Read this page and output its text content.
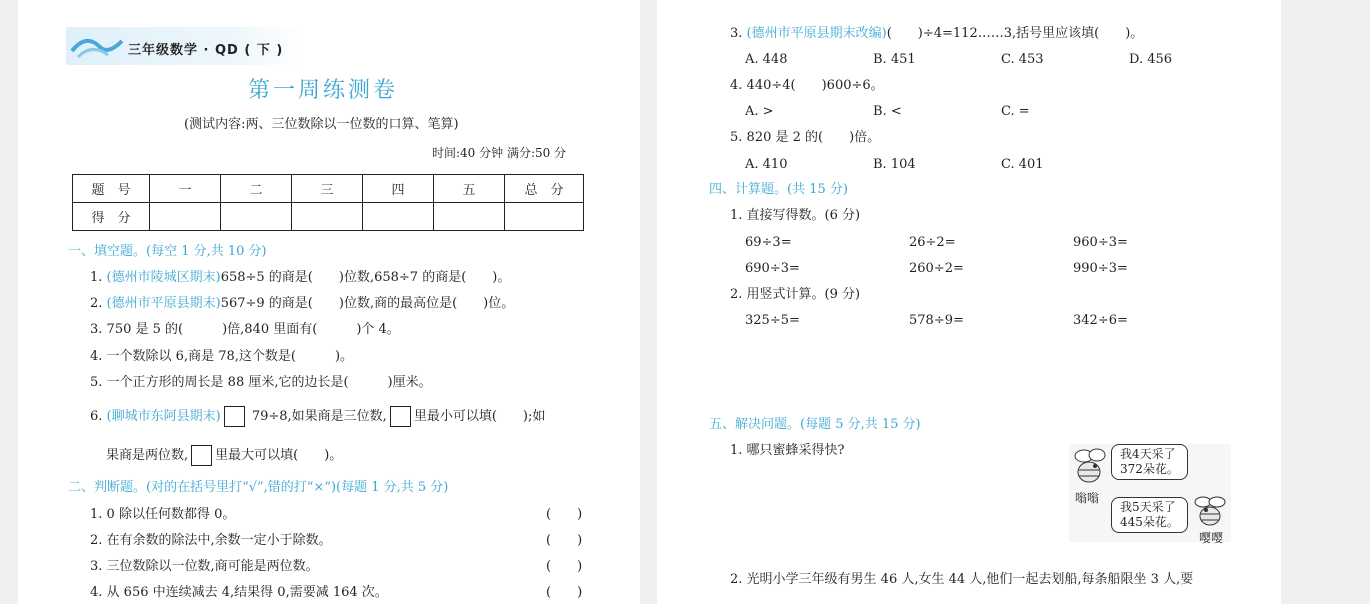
三年级数学 · QD ( 下 )
第一周练测卷
(测试内容:两、三位数除以一位数的口算、笔算)
时间:40 分钟 满分:50 分
题　号	一	二	三	四	五	总　分
得　分						
一、填空题。(每空 1 分,共 10 分)
1. (德州市陵城区期末)658÷5 的商是(　　)位数,658÷7 的商是(　　)。
2. (德州市平原县期末)567÷9 的商是(　　)位数,商的最高位是(　　)位。
3. 750 是 5 的(　　　)倍,840 里面有(　　　)个 4。
4. 一个数除以 6,商是 78,这个数是(　　　)。
5. 一个正方形的周长是 88 厘米,它的边长是(　　　)厘米。
6. (聊城市东阿县期末) 79÷8,如果商是三位数, 里最小可以填(　　);如
果商是两位数, 里最大可以填(　　)。
二、判断题。(对的在括号里打“√”,错的打“×”)(每题 1 分,共 5 分)
1. 0 除以任何数都得 0。	(　　)
2. 在有余数的除法中,余数一定小于除数。	(　　)
3. 三位数除以一位数,商可能是两位数。	(　　)
4. 从 656 中连续减去 4,结果得 0,需要减 164 次。	(　　)
3. (德州市平原县期末改编)(　　)÷4=112……3,括号里应该填(　　)。
A. 448	B. 451	C. 453	D. 456
4. 440÷4(　　)600÷6。
A. >	B. <	C. =
5. 820 是 2 的(　　)倍。
A. 410	B. 104	C. 401
四、计算题。(共 15 分)
1. 直接写得数。(6 分)
69÷3=	26÷2=	960÷3=
690÷3=	260÷2=	990÷3=
2. 用竖式计算。(9 分)
325÷5=	578÷9=	342÷6=
五、解决问题。(每题 5 分,共 15 分)
1. 哪只蜜蜂采得快?	我4天采了
372朵花。
嗡嗡
我5天采了
445朵花。
嘤嘤
2. 光明小学三年级有男生 46 人,女生 44 人,他们一起去划船,每条船限坐 3 人,要
